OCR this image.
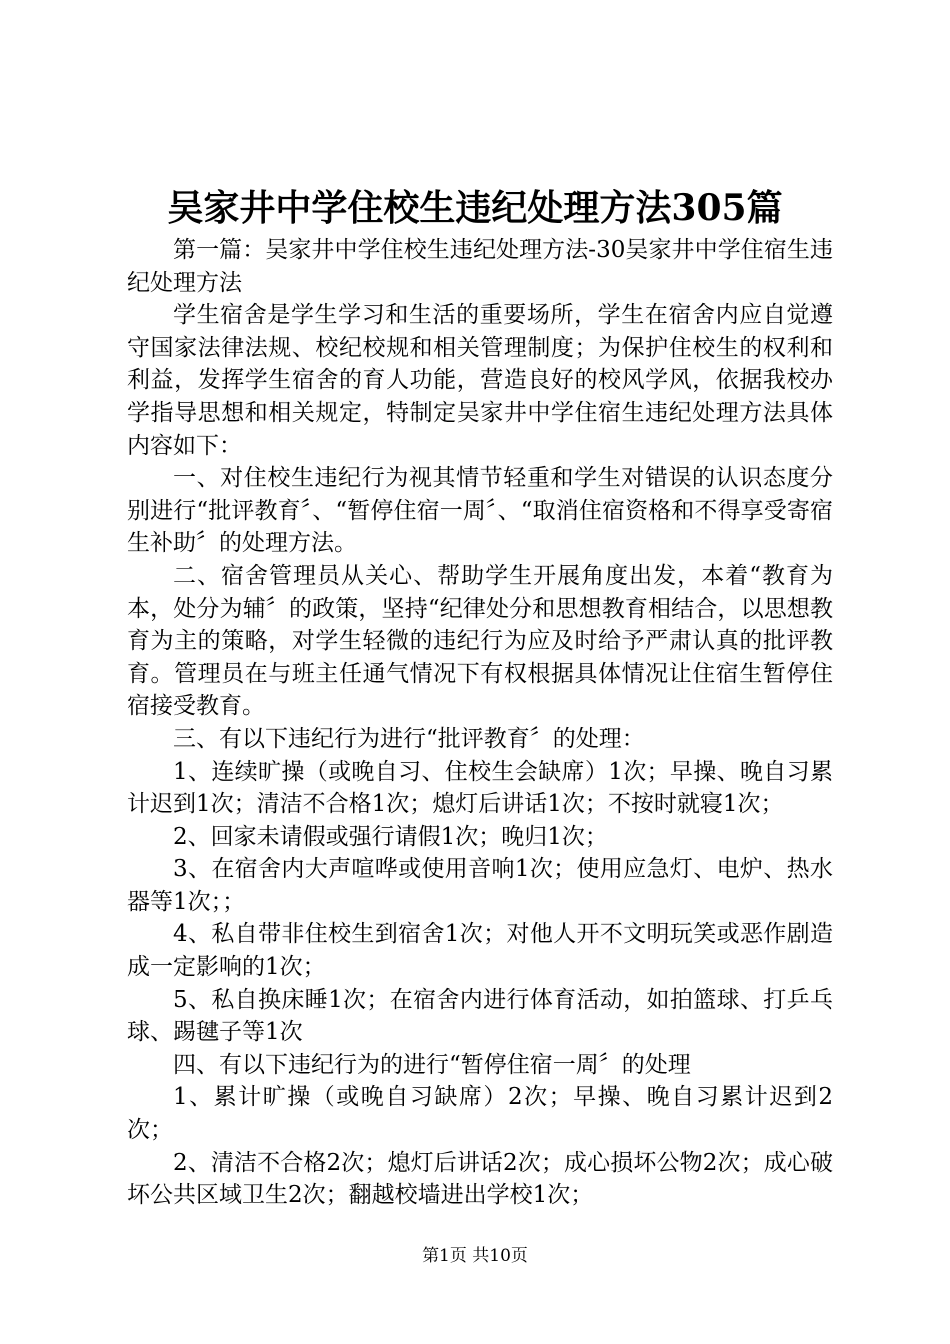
吴家井中学住校生违纪处理方法305篇

第一篇：吴家井中学住校生违纪处理方法-30吴家井中学住宿生违纪处理方法

学生宿舍是学生学习和生活的重要场所，学生在宿舍内应自觉遵守国家法律法规、校纪校规和相关管理制度；为保护住校生的权利和利益，发挥学生宿舍的育人功能，营造良好的校风学风，依据我校办学指导思想和相关规定，特制定吴家井中学住宿生违纪处理方法具体内容如下：

一、对住校生违纪行为视其情节轻重和学生对错误的认识态度分别进行“批评教育〞、“暂停住宿一周〞、“取消住宿资格和不得享受寄宿生补助〞的处理方法。

二、宿舍管理员从关心、帮助学生开展角度出发，本着“教育为本，处分为辅〞的政策，坚持“纪律处分和思想教育相结合，以思想教育为主的策略，对学生轻微的违纪行为应及时给予严肃认真的批评教育。管理员在与班主任通气情况下有权根据具体情况让住宿生暂停住宿接受教育。

三、有以下违纪行为进行“批评教育〞的处理：

1、连续旷操（或晚自习、住校生会缺席）1次；早操、晚自习累计迟到1次；清洁不合格1次；熄灯后讲话1次；不按时就寝1次；

2、回家未请假或强行请假1次；晚归1次；

3、在宿舍内大声喧哗或使用音响1次；使用应急灯、电炉、热水器等1次；；

4、私自带非住校生到宿舍1次；对他人开不文明玩笑或恶作剧造成一定影响的1次；

5、私自换床睡1次；在宿舍内进行体育活动，如拍篮球、打乒乓球、踢毽子等1次

四、有以下违纪行为的进行“暂停住宿一周〞的处理

1、累计旷操（或晚自习缺席）2次；早操、晚自习累计迟到2次；

2、清洁不合格2次；熄灯后讲话2次；成心损坏公物2次；成心破坏公共区域卫生2次；翻越校墙进出学校1次；

第1页 共10页
